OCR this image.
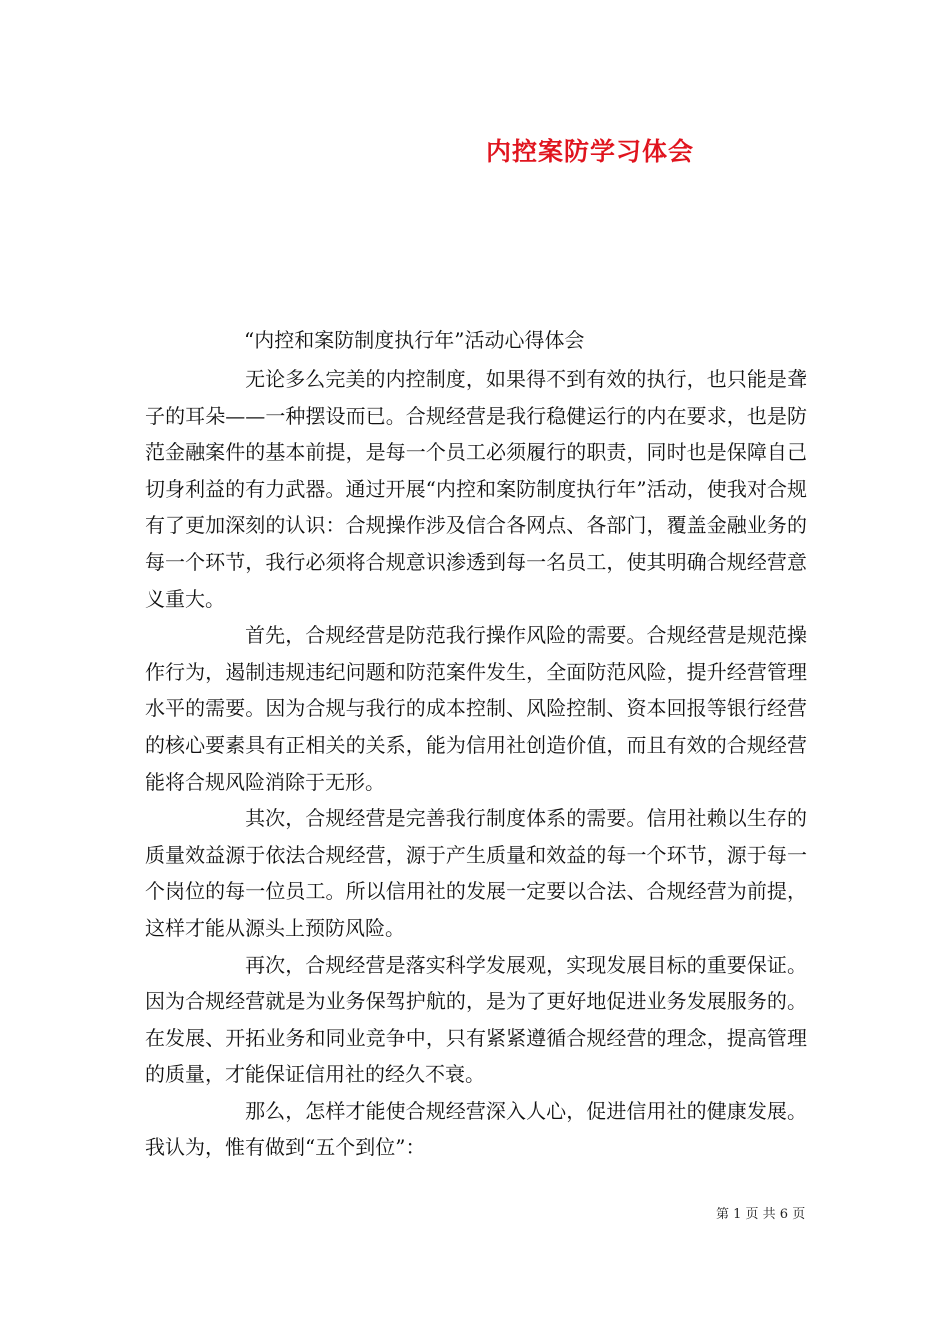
内控案防学习体会
“内控和案防制度执行年”活动心得体会

无论多么完美的内控制度，如果得不到有效的执行，也只能是聋子的耳朵——一种摆设而已。合规经营是我行稳健运行的内在要求，也是防范金融案件的基本前提，是每一个员工必须履行的职责，同时也是保障自己切身利益的有力武器。通过开展“内控和案防制度执行年”活动，使我对合规有了更加深刻的认识：合规操作涉及信合各网点、各部门，覆盖金融业务的每一个环节，我行必须将合规意识渗透到每一名员工，使其明确合规经营意义重大。

首先，合规经营是防范我行操作风险的需要。合规经营是规范操作行为，遏制违规违纪问题和防范案件发生，全面防范风险，提升经营管理水平的需要。因为合规与我行的成本控制、风险控制、资本回报等银行经营的核心要素具有正相关的关系，能为信用社创造价值，而且有效的合规经营能将合规风险消除于无形。

其次，合规经营是完善我行制度体系的需要。信用社赖以生存的质量效益源于依法合规经营，源于产生质量和效益的每一个环节，源于每一个岗位的每一位员工。所以信用社的发展一定要以合法、合规经营为前提，这样才能从源头上预防风险。

再次，合规经营是落实科学发展观，实现发展目标的重要保证。因为合规经营就是为业务保驾护航的，是为了更好地促进业务发展服务的。在发展、开拓业务和同业竞争中，只有紧紧遵循合规经营的理念，提高管理的质量，才能保证信用社的经久不衰。

那么，怎样才能使合规经营深入人心，促进信用社的健康发展。我认为，惟有做到“五个到位”：

第 1 页 共 6 页
